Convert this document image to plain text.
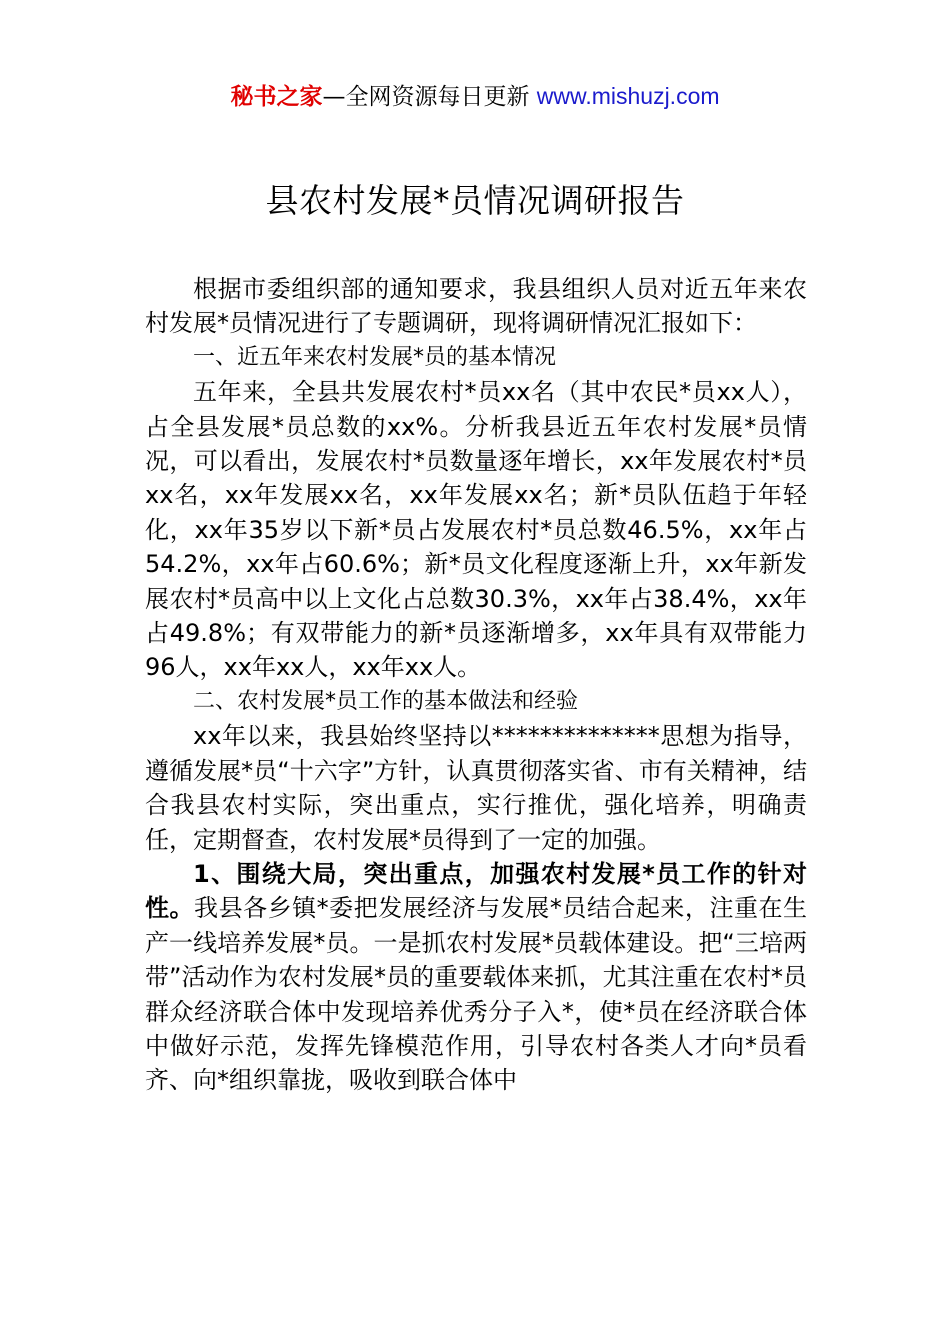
秘书之家—全网资源每日更新 www.mishuzj.com
县农村发展*员情况调研报告

根据市委组织部的通知要求，我县组织人员对近五年来农村发展*员情况进行了专题调研，现将调研情况汇报如下：

一、近五年来农村发展*员的基本情况

五年来，全县共发展农村*员xx名（其中农民*员xx人），占全县发展*员总数的xx%。分析我县近五年农村发展*员情况，可以看出，发展农村*员数量逐年增长，xx年发展农村*员xx名，xx年发展xx名，xx年发展xx名；新*员队伍趋于年轻化，xx年35岁以下新*员占发展农村*员总数46.5%，xx年占54.2%，xx年占60.6%；新*员文化程度逐渐上升，xx年新发展农村*员高中以上文化占总数30.3%，xx年占38.4%，xx年占49.8%；有双带能力的新*员逐渐增多，xx年具有双带能力96人，xx年xx人，xx年xx人。

二、农村发展*员工作的基本做法和经验

xx年以来，我县始终坚持以**************思想为指导，遵循发展*员“十六字”方针，认真贯彻落实省、市有关精神，结合我县农村实际，突出重点，实行推优，强化培养，明确责任，定期督查，农村发展*员得到了一定的加强。

1、围绕大局，突出重点，加强农村发展*员工作的针对性。我县各乡镇*委把发展经济与发展*员结合起来，注重在生产一线培养发展*员。一是抓农村发展*员载体建设。把“三培两带”活动作为农村发展*员的重要载体来抓，尤其注重在农村*员群众经济联合体中发现培养优秀分子入*，使*员在经济联合体中做好示范，发挥先锋模范作用，引导农村各类人才向*员看齐、向*组织靠拢，吸收到联合体中
